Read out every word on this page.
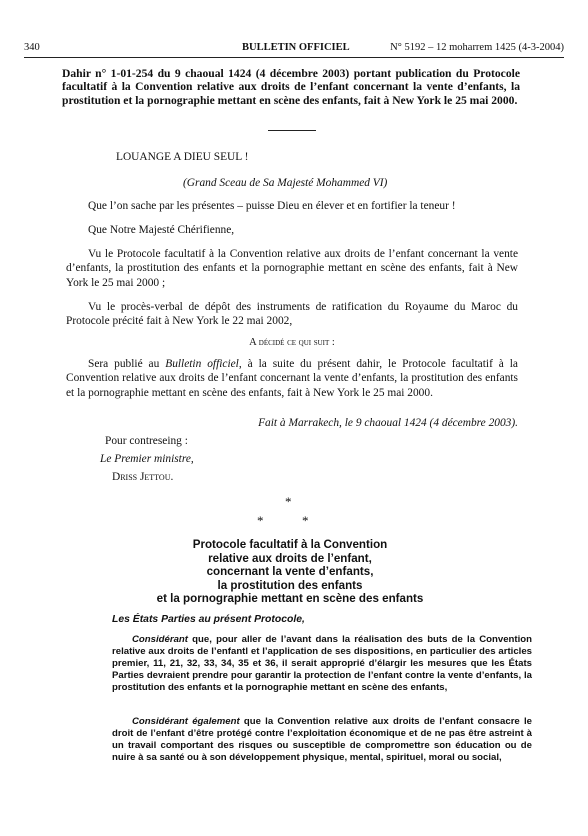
340	BULLETIN OFFICIEL	N° 5192 – 12 moharrem 1425 (4-3-2004)
Dahir n° 1-01-254 du 9 chaoual 1424 (4 décembre 2003) portant publication du Protocole facultatif à la Convention relative aux droits de l’enfant concernant la vente d’enfants, la prostitution et la pornographie mettant en scène des enfants, fait à New York le 25 mai 2000.
LOUANGE A DIEU SEUL !
(Grand Sceau de Sa Majesté Mohammed VI)
Que l’on sache par les présentes – puisse Dieu en élever et en fortifier la teneur !
Que Notre Majesté Chérifienne,
Vu le Protocole facultatif à la Convention relative aux droits de l’enfant concernant la vente d’enfants, la prostitution des enfants et la pornographie mettant en scène des enfants, fait à New York le 25 mai 2000 ;
Vu le procès-verbal de dépôt des instruments de ratification du Royaume du Maroc du Protocole précité fait à New York le 22 mai 2002,
A décidé ce qui suit :
Sera publié au Bulletin officiel, à la suite du présent dahir, le Protocole facultatif à la Convention relative aux droits de l’enfant concernant la vente d’enfants, la prostitution des enfants et la pornographie mettant en scène des enfants, fait à New York le 25 mai 2000.
Fait à Marrakech, le 9 chaoual 1424 (4 décembre 2003).
Pour contreseing :
Le Premier ministre,
Driss Jettou.
*
*	*
Protocole facultatif à la Convention
relative aux droits de l’enfant,
concernant la vente d’enfants,
la prostitution des enfants
et la pornographie mettant en scène des enfants
Les États Parties au présent Protocole,
Considérant que, pour aller de l’avant dans la réalisation des buts de la Convention relative aux droits de l’enfantl et l’application de ses dispositions, en particulier des articles premier, 11, 21, 32, 33, 34, 35 et 36, il serait approprié d’élargir les mesures que les États Parties devraient prendre pour garantir la protection de l’enfant contre la vente d’enfants, la prostitution des enfants et la pornographie mettant en scène des enfants,
Considérant également que la Convention relative aux droits de l’enfant consacre le droit de l’enfant d’être protégé contre l’exploitation économique et de ne pas être astreint à un travail comportant des risques ou susceptible de compromettre son éducation ou de nuire à sa santé ou à son développement physique, mental, spirituel, moral ou social,
